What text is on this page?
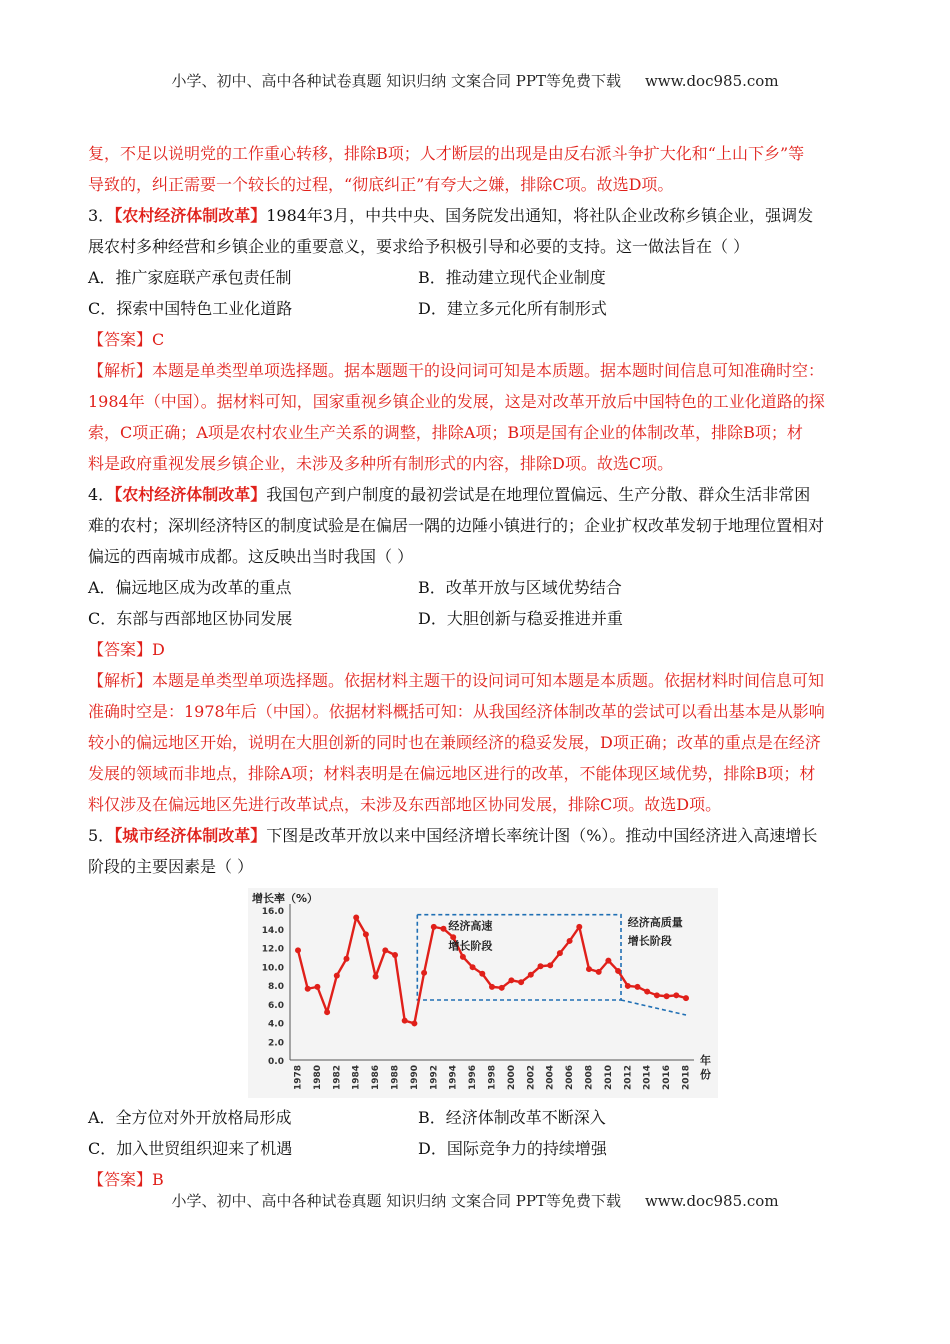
小学、初中、高中各种试卷真题 知识归纳 文案合同 PPT等免费下载 www.doc985.com
复，不足以说明党的工作重心转移，排除B项；人才断层的出现是由反右派斗争扩大化和“上山下乡”等
导致的，纠正需要一个较长的过程，“彻底纠正”有夸大之嫌，排除C项。故选D项。
3．【农村经济体制改革】1984年3月，中共中央、国务院发出通知，将社队企业改称乡镇企业，强调发
展农村多种经营和乡镇企业的重要意义，要求给予积极引导和必要的支持。这一做法旨在（ ）
A．推广家庭联产承包责任制	B．推动建立现代企业制度
C．探索中国特色工业化道路	D．建立多元化所有制形式
【答案】C
【解析】本题是单类型单项选择题。据本题题干的设问词可知是本质题。据本题时间信息可知准确时空：
1984年（中国）。据材料可知，国家重视乡镇企业的发展，这是对改革开放后中国特色的工业化道路的探
索，C项正确；A项是农村农业生产关系的调整，排除A项；B项是国有企业的体制改革，排除B项；材
料是政府重视发展乡镇企业，未涉及多种所有制形式的内容，排除D项。故选C项。
4．【农村经济体制改革】我国包产到户制度的最初尝试是在地理位置偏远、生产分散、群众生活非常困
难的农村；深圳经济特区的制度试验是在偏居一隅的边陲小镇进行的；企业扩权改革发轫于地理位置相对
偏远的西南城市成都。这反映出当时我国（ ）
A．偏远地区成为改革的重点	B．改革开放与区域优势结合
C．东部与西部地区协同发展	D．大胆创新与稳妥推进并重
【答案】D
【解析】本题是单类型单项选择题。依据材料主题干的设问词可知本题是本质题。依据材料时间信息可知
准确时空是：1978年后（中国）。依据材料概括可知：从我国经济体制改革的尝试可以看出基本是从影响
较小的偏远地区开始，说明在大胆创新的同时也在兼顾经济的稳妥发展，D项正确；改革的重点是在经济
发展的领域而非地点，排除A项；材料表明是在偏远地区进行的改革，不能体现区域优势，排除B项；材
料仅涉及在偏远地区先进行改革试点，未涉及东西部地区协同发展，排除C项。故选D项。
5．【城市经济体制改革】下图是改革开放以来中国经济增长率统计图（%）。推动中国经济进入高速增长
阶段的主要因素是（ ）
增长率（%）
0.0
2.0
4.0
6.0
8.0
10.0
12.0
14.0
16.0
1978 1980 1982 1984 1986 1988 1990 1992 1994 1996 1998 2000 2002 2004 2006 2008 2010 2012 2014 2016 2018
年
份
经济高速
增长阶段
经济高质量
增长阶段
A．全方位对外开放格局形成	B．经济体制改革不断深入
C．加入世贸组织迎来了机遇	D．国际竞争力的持续增强
【答案】B
小学、初中、高中各种试卷真题 知识归纳 文案合同 PPT等免费下载 www.doc985.com
